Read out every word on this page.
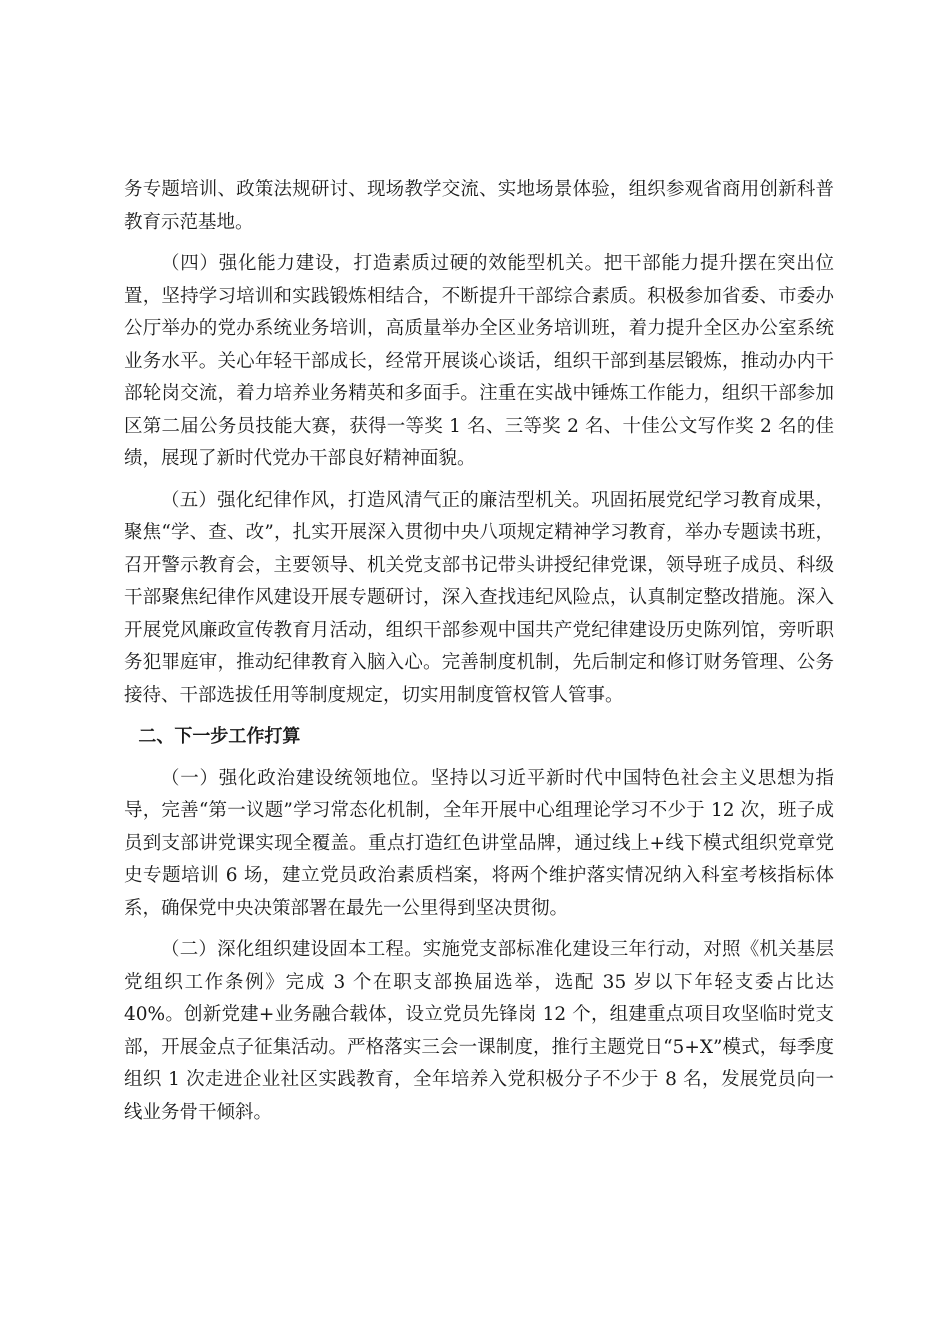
务专题培训、政策法规研讨、现场教学交流、实地场景体验，组织参观省商用创新科普教育示范基地。

（四）强化能力建设，打造素质过硬的效能型机关。把干部能力提升摆在突出位置，坚持学习培训和实践锻炼相结合，不断提升干部综合素质。积极参加省委、市委办公厅举办的党办系统业务培训，高质量举办全区业务培训班，着力提升全区办公室系统业务水平。关心年轻干部成长，经常开展谈心谈话，组织干部到基层锻炼，推动办内干部轮岗交流，着力培养业务精英和多面手。注重在实战中锤炼工作能力，组织干部参加区第二届公务员技能大赛，获得一等奖 1 名、三等奖 2 名、十佳公文写作奖 2 名的佳绩，展现了新时代党办干部良好精神面貌。

（五）强化纪律作风，打造风清气正的廉洁型机关。巩固拓展党纪学习教育成果，聚焦“学、查、改”，扎实开展深入贯彻中央八项规定精神学习教育，举办专题读书班，召开警示教育会，主要领导、机关党支部书记带头讲授纪律党课，领导班子成员、科级干部聚焦纪律作风建设开展专题研讨，深入查找违纪风险点，认真制定整改措施。深入开展党风廉政宣传教育月活动，组织干部参观中国共产党纪律建设历史陈列馆，旁听职务犯罪庭审，推动纪律教育入脑入心。完善制度机制，先后制定和修订财务管理、公务接待、干部选拔任用等制度规定，切实用制度管权管人管事。

二、下一步工作打算

（一）强化政治建设统领地位。坚持以习近平新时代中国特色社会主义思想为指导，完善“第一议题”学习常态化机制，全年开展中心组理论学习不少于 12 次，班子成员到支部讲党课实现全覆盖。重点打造红色讲堂品牌，通过线上+线下模式组织党章党史专题培训 6 场，建立党员政治素质档案，将两个维护落实情况纳入科室考核指标体系，确保党中央决策部署在最先一公里得到坚决贯彻。

（二）深化组织建设固本工程。实施党支部标准化建设三年行动，对照《机关基层党组织工作条例》完成 3 个在职支部换届选举，选配 35 岁以下年轻支委占比达 40%。创新党建+业务融合载体，设立党员先锋岗 12 个，组建重点项目攻坚临时党支部，开展金点子征集活动。严格落实三会一课制度，推行主题党日“5+X”模式，每季度组织 1 次走进企业社区实践教育，全年培养入党积极分子不少于 8 名，发展党员向一线业务骨干倾斜。
